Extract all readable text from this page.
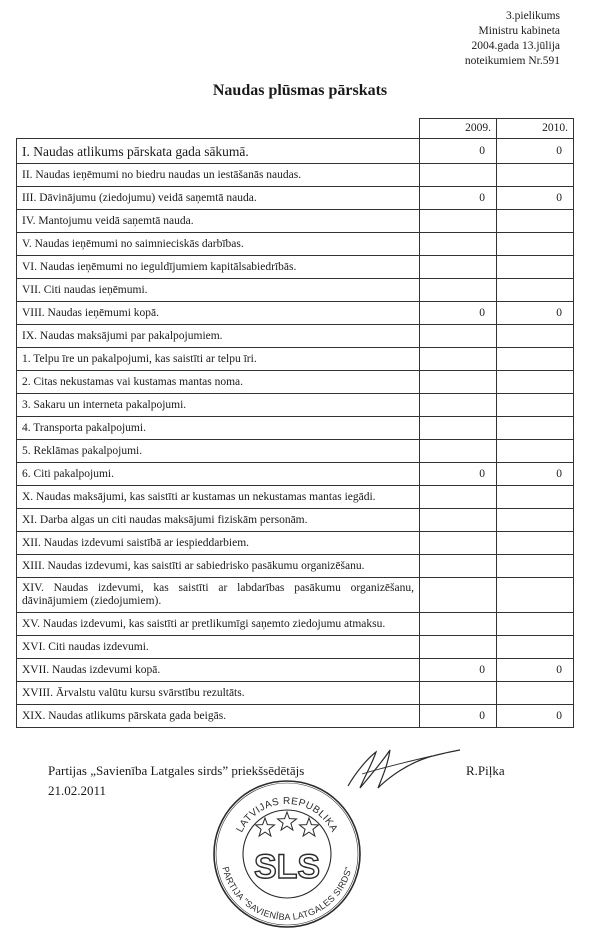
3.pielikums
Ministru kabineta
2004.gada 13.jūlija
noteikumiem Nr.591
Naudas plūsmas pārskats
	2009.	2010.
I. Naudas atlikums pārskata gada sākumā.	0	0
II. Naudas ieņēmumi no biedru naudas un iestāšanās naudas.		
III. Dāvinājumu (ziedojumu) veidā saņemtā nauda.	0	0
IV. Mantojumu veidā saņemtā nauda.		
V. Naudas ieņēmumi no saimnieciskās darbības.		
VI. Naudas ieņēmumi no ieguldījumiem kapitālsabiedrībās.		
VII. Citi naudas ieņēmumi.		
VIII. Naudas ieņēmumi kopā.	0	0
IX. Naudas maksājumi par pakalpojumiem.		
1. Telpu īre un pakalpojumi, kas saistīti ar telpu īri.		
2. Citas nekustamas vai kustamas mantas noma.		
3. Sakaru un interneta pakalpojumi.		
4. Transporta pakalpojumi.		
5. Reklāmas pakalpojumi.		
6. Citi pakalpojumi.	0	0
X. Naudas maksājumi, kas saistīti ar kustamas un nekustamas mantas iegādi.		
XI. Darba algas un citi naudas maksājumi fiziskām personām.		
XII. Naudas izdevumi saistībā ar iespieddarbiem.		
XIII. Naudas izdevumi, kas saistīti ar sabiedrisko pasākumu organizēšanu.		
XIV. Naudas izdevumi, kas saistīti ar labdarības pasākumu organizēšanu, dāvinājumiem (ziedojumiem).		
XV. Naudas izdevumi, kas saistīti ar pretlikumīgi saņemto ziedojumu atmaksu.		
XVI. Citi naudas izdevumi.		
XVII. Naudas izdevumi kopā.	0	0
XVIII. Ārvalstu valūtu kursu svārstību rezultāts.		
XIX. Naudas atlikums pārskata gada beigās.	0	0
Partijas „Savienība Latgales sirds” priekšsēdētājs
21.02.2011
R.Piļka
LATVIJAS REPUBLIKA
PARTIJA "SAVIENĪBA LATGALES SIRDS"
SLS
